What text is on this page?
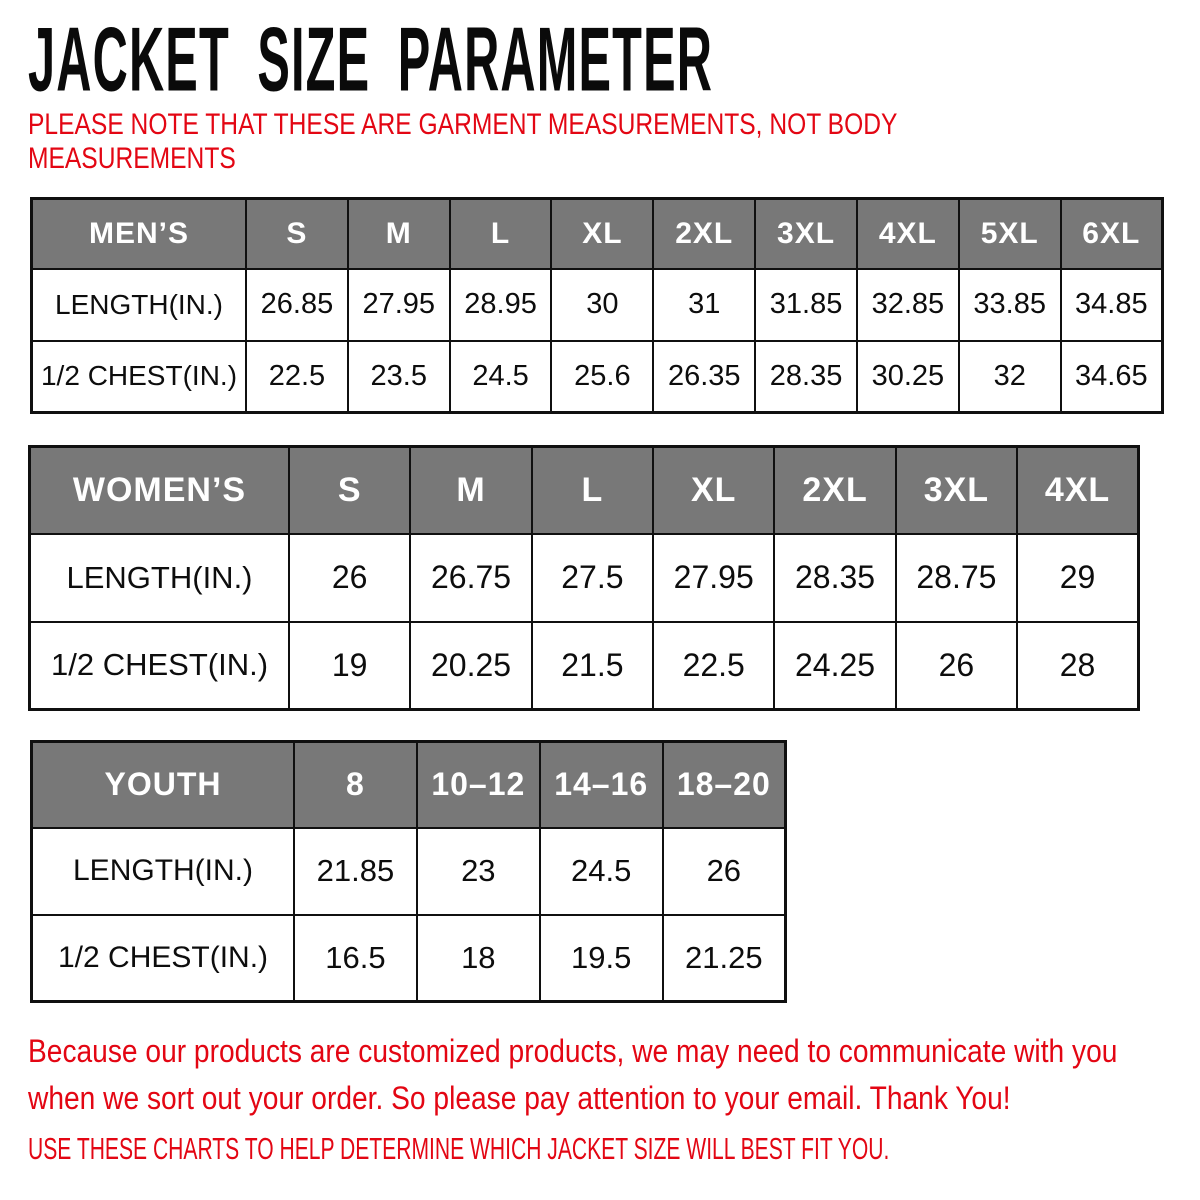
JACKET SIZE PARAMETER
PLEASE NOTE THAT THESE ARE GARMENT MEASUREMENTS, NOT BODY
MEASUREMENTS
MEN’S	S	M	L	XL	2XL	3XL	4XL	5XL	6XL
LENGTH(IN.)	26.85	27.95	28.95	30	31	31.85	32.85	33.85	34.85
1/2 CHEST(IN.)	22.5	23.5	24.5	25.6	26.35	28.35	30.25	32	34.65
WOMEN’S	S	M	L	XL	2XL	3XL	4XL
LENGTH(IN.)	26	26.75	27.5	27.95	28.35	28.75	29
1/2 CHEST(IN.)	19	20.25	21.5	22.5	24.25	26	28
YOUTH	8	10–12	14–16	18–20
LENGTH(IN.)	21.85	23	24.5	26
1/2 CHEST(IN.)	16.5	18	19.5	21.25
Because our products are customized products, we may need to communicate with you
when we sort out your order. So please pay attention to your email. Thank You!
USE THESE CHARTS TO HELP DETERMINE WHICH JACKET SIZE WILL BEST FIT YOU.
